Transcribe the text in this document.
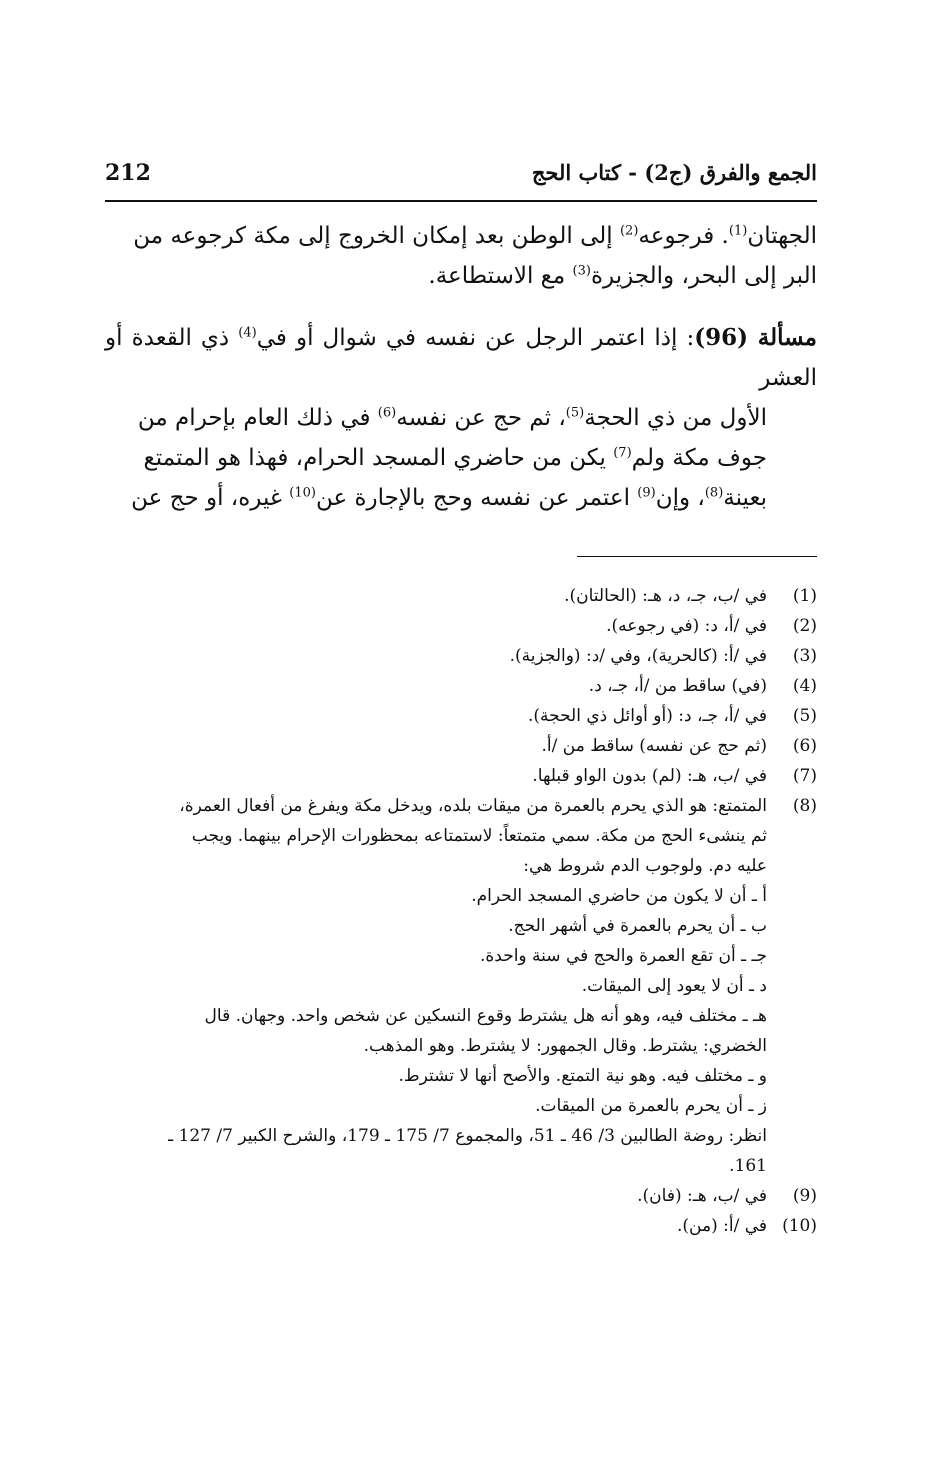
الجمع والفرق (ج2) - كتاب الحج
212

الجهتان$^{(1)}$. فرجوعه$^{(2)}$ إلى الوطن بعد إمكان الخروج إلى مكة كرجوعه من
البر إلى البحر، والجزيرة$^{(3)}$ مع الاستطاعة.

مسألة (96): إذا اعتمر الرجل عن نفسه في شوال أو في$^{(4)}$ ذي القعدة أو العشر
الأول من ذي الحجة$^{(5)}$، ثم حج عن نفسه$^{(6)}$ في ذلك العام بإحرام من
جوف مكة ولم$^{(7)}$ يكن من حاضري المسجد الحرام، فهذا هو المتمتع
بعينة$^{(8)}$، وإن$^{(9)}$ اعتمر عن نفسه وحج بالإجارة عن$^{(10)}$ غيره، أو حج عن

(1)
في /ب، جـ، د، هـ: (الحالتان).
(2)
في /أ، د: (في رجوعه).
(3)
في /أ: (كالحرية)، وفي /د: (والجزية).
(4)
(في) ساقط من /أ، جـ، د.
(5)
في /أ، جـ، د: (أو أوائل ذي الحجة).
(6)
(ثم حج عن نفسه) ساقط من /أ.
(7)
في /ب، هـ: (لم) بدون الواو قبلها.
(8)
المتمتع: هو الذي يحرم بالعمرة من ميقات بلده، ويدخل مكة ويفرغ من أفعال العمرة،
ثم ينشىء الحج من مكة. سمي متمتعاً: لاستمتاعه بمحظورات الإحرام بينهما. ويجب
عليه دم. ولوجوب الدم شروط هي:
أ ـ أن لا يكون من حاضري المسجد الحرام.
ب ـ أن يحرم بالعمرة في أشهر الحج.
جـ ـ أن تقع العمرة والحج في سنة واحدة.
د ـ أن لا يعود إلى الميقات.
هـ ـ مختلف فيه، وهو أنه هل يشترط وقوع النسكين عن شخص واحد. وجهان. قال
الخضري: يشترط. وقال الجمهور: لا يشترط. وهو المذهب.
و ـ مختلف فيه. وهو نية التمتع. والأصح أنها لا تشترط.
ز ـ أن يحرم بالعمرة من الميقات.
انظر: روضة الطالبين 3/ 46 ـ 51، والمجموع 7/ 175 ـ 179، والشرح الكبير 7/ 127 ـ
161.
(9)
في /ب، هـ: (فان).
(10)
في /أ: (من).
